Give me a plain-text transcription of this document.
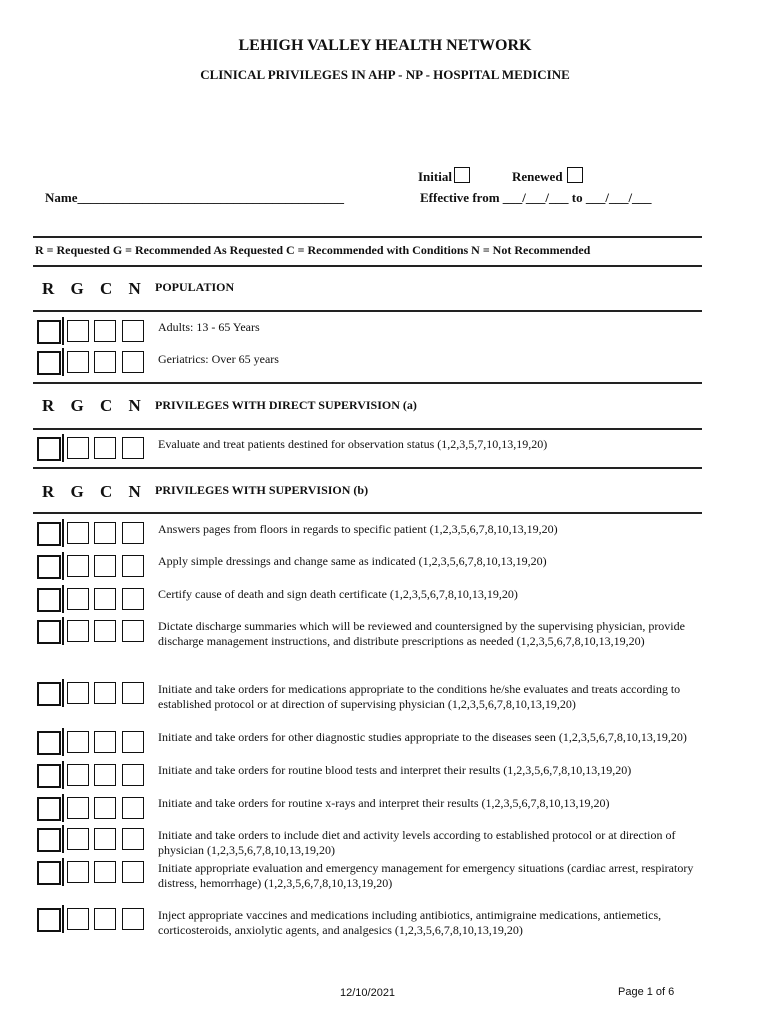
LEHIGH VALLEY HEALTH NETWORK
CLINICAL PRIVILEGES IN AHP - NP - HOSPITAL MEDICINE
Initial	Renewed
Name_________________________________________	Effective from ___/___/___ to ___/___/___
R = Requested G = Recommended As Requested C = Recommended with Conditions N = Not Recommended
R G C N POPULATION
Adults: 13 - 65 Years
Geriatrics: Over 65 years
R G C N PRIVILEGES WITH DIRECT SUPERVISION (a)
Evaluate and treat patients destined for observation status (1,2,3,5,7,10,13,19,20)
R G C N PRIVILEGES WITH SUPERVISION (b)
Answers pages from floors in regards to specific patient (1,2,3,5,6,7,8,10,13,19,20)
Apply simple dressings and change same as indicated (1,2,3,5,6,7,8,10,13,19,20)
Certify cause of death and sign death certificate (1,2,3,5,6,7,8,10,13,19,20)
Dictate discharge summaries which will be reviewed and countersigned by the supervising physician, provide discharge management instructions, and distribute prescriptions as needed (1,2,3,5,6,7,8,10,13,19,20)
Initiate and take orders for medications appropriate to the conditions he/she evaluates and treats according to established protocol or at direction of supervising physician (1,2,3,5,6,7,8,10,13,19,20)
Initiate and take orders for other diagnostic studies appropriate to the diseases seen (1,2,3,5,6,7,8,10,13,19,20)
Initiate and take orders for routine blood tests and interpret their results (1,2,3,5,6,7,8,10,13,19,20)
Initiate and take orders for routine x-rays and interpret their results (1,2,3,5,6,7,8,10,13,19,20)
Initiate and take orders to include diet and activity levels according to established protocol or at direction of physician (1,2,3,5,6,7,8,10,13,19,20)
Initiate appropriate evaluation and emergency management for emergency situations (cardiac arrest, respiratory distress, hemorrhage) (1,2,3,5,6,7,8,10,13,19,20)
Inject appropriate vaccines and medications including antibiotics, antimigraine medications, antiemetics, corticosteroids, anxiolytic agents, and analgesics (1,2,3,5,6,7,8,10,13,19,20)
12/10/2021	Page 1 of 6
